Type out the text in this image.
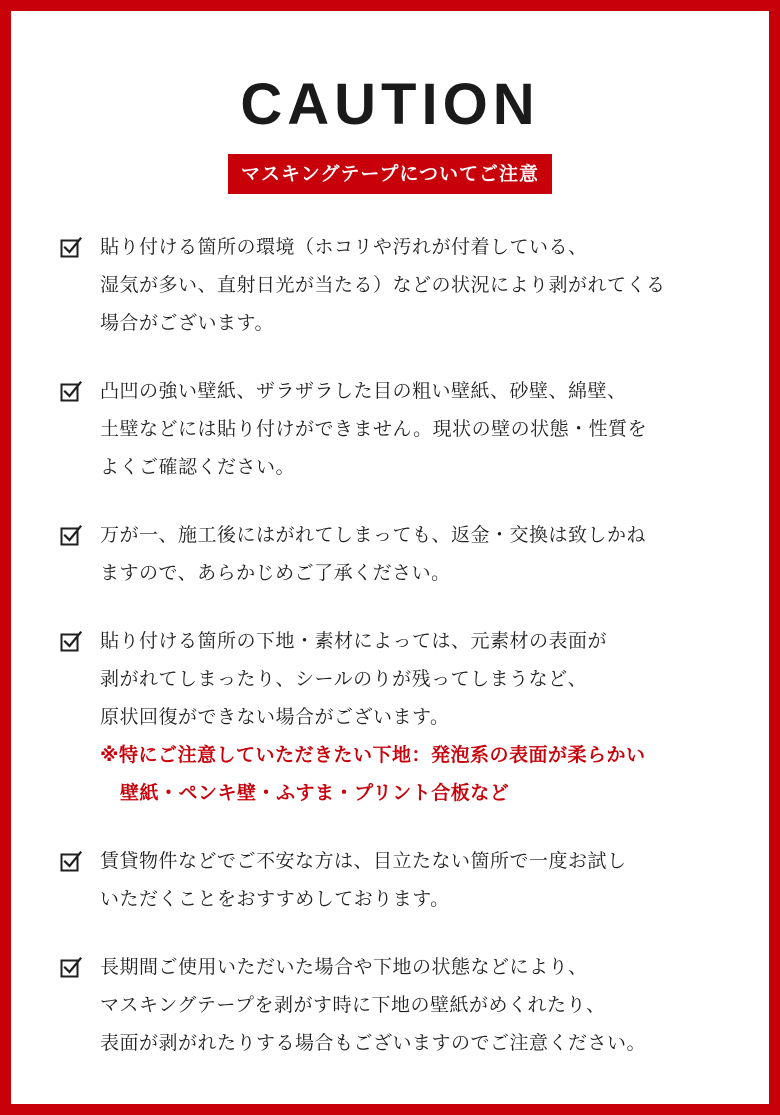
CAUTION
マスキングテープについてご注意
貼り付ける箇所の環境（ホコリや汚れが付着している、
湿気が多い、直射日光が当たる）などの状況により剥がれてくる
場合がございます。
凸凹の強い壁紙、ザラザラした目の粗い壁紙、砂壁、綿壁、
土壁などには貼り付けができません。現状の壁の状態・性質を
よくご確認ください。
万が一、施工後にはがれてしまっても、返金・交換は致しかね
ますので、あらかじめご了承ください。
貼り付ける箇所の下地・素材によっては、元素材の表面が
剥がれてしまったり、シールのりが残ってしまうなど、
原状回復ができない場合がございます。
※特にご注意していただきたい下地：発泡系の表面が柔らかい
壁紙・ペンキ壁・ふすま・プリント合板など
賃貸物件などでご不安な方は、目立たない箇所で一度お試し
いただくことをおすすめしております。
長期間ご使用いただいた場合や下地の状態などにより、
マスキングテープを剥がす時に下地の壁紙がめくれたり、
表面が剥がれたりする場合もございますのでご注意ください。
